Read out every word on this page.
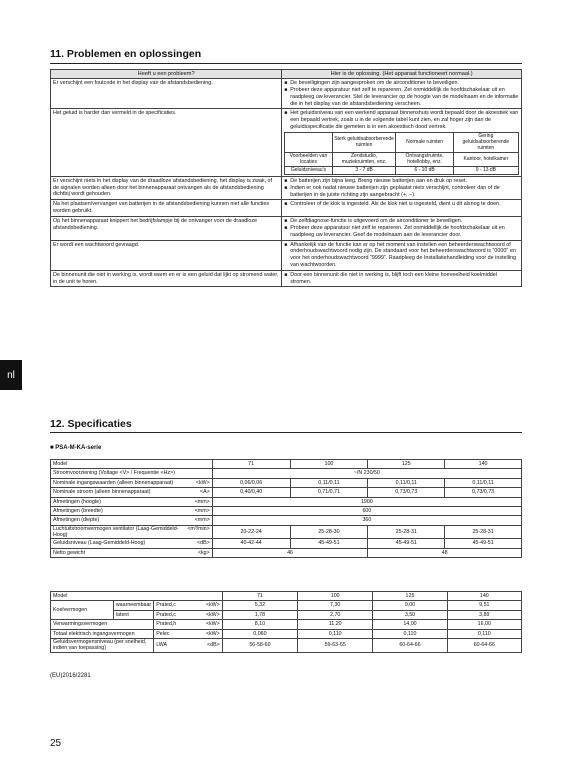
11. Problemen en oplossingen
Heeft u een probleem?	Hier is de oplossing. (Het apparaat functioneert normaal.)
Er verschijnt een foutcode in het display van de afstandsbediening.	■ De beveiligingen zijn aangesproken om de airconditioner te beveiligen.
■ Probeer deze apparatuur niet zelf te repareren. Zet onmiddellijk de hoofdschakelaar uit en raadpleeg uw leverancier. Stel de leverancier op de hoogte van de modelnaam en de informatie die in het display van de afstandsbediening verscheen.

Het geluid is harder dan vermeld in de specificaties.	■ Het geluidsniveau van een werkend apparaat binnenshuis wordt bepaald door de akoestiek van een bepaald vertrek, zoals u in de volgende tabel kunt zien, en zal hoger zijn dan de geluidsspecificatie die gemeten is in een akoestisch dood vertrek.
	Sterk geluidsabsorberende ruimten	Normale ruimten	Gering geluidsabsorberende ruimten
Voorbeelden van locaties	Zendstudio, muziekruimten, enz.	Ontvangstruimte, hotellobby, enz.	Kantoor, hotelkamer
Geluidsniveau's	3 - 7 dB	6 - 10 dB	9 - 13 dB

Er verschijnt niets in het display van de draadloze afstandsbediening, het display is zwak, of de signalen worden alleen door het binnenapparaat ontvangen als de afstandsbediening dichtbij wordt gehouden.	
■ De batterijen zijn bijna leeg. Breng nieuwe batterijen aan en druk op reset.
■ Indien er ook nadat nieuwe batterijen zijn geplaatst niets verschijnt, controleer dan of de batterijen in de juiste richting zijn aangebracht (+, −).

Na het plaatsen/vervangen van batterijen in de afstandsbediening kunnen niet alle functies worden gebruikt.	
■ Controleer of de klok is ingesteld. Als de klok niet is ingesteld, dient u dit alsnog te doen.

Op het binnenapparaat knippert het bedrijfslampje bij de ontvanger voor de draadloze afstandsbediening.	
■ De zelfdiagnose-functie is uitgevoerd om de airconditioner te beveiligen.
■ Probeer deze apparatuur niet zelf te repareren. Zet onmiddellijk de hoofdschakelaar uit en raadpleeg uw leverancier. Geef de modelnaam aan de leverancier door.

Er wordt een wachtwoord gevraagd.	■ Afhankelijk van de functie kan er op het moment van instellen een beheerderswachtwoord of onderhoudswachtwoord nodig zijn. De standaard voor het beheerderswachtwoord is "0000" en voor het onderhoudswachtwoord "9999". Raadpleeg de Installatiehandleiding voor de instelling van wachtwoorden.

De binnenunit die niet in werking is, wordt warm en er is een geluid dat lijkt op stromend water, in de unit te horen.	
■ Door een binnenunit die niet in werking is, blijft toch een kleine hoeveelheid koelmiddel stromen.
nl
12. Specificaties
■ PSA-M-KA-serie
Model	71	100	125	140

Stroomvoorziening (Voltage <V> / Frequentie <Hz>)	~/N 230/50			

Nominale ingangswaarden (alleen binnenapparaat) <kW>	0,06/0,06	0,11/0,11	0,11/0,11	0,11/0,11

Nominale stroom (alleen binnenapparaat) <A>	0,40/0,40	0,71/0,71	0,73/0,73	0,73/0,73

Afmetingen (hoogte) <mm>	1900			

Afmetingen (breedte) <mm>	600			

Afmetingen (diepte) <mm>	360			

Luchtuitstroomvermogen ventilator (Laag-Gemiddeld-Hoog)
<m³/min>	20-22-24	25-28-30	25-28-31	25-28-31

Geluidsniveau (Laag-Gemiddeld-Hoog) <dB>	40-42-44	45-49-51	45-49-51	45-49-51

Netto gewicht <kg>	46		48	
Model			71	100	125	140
Koelvermogen	waarneembaar	Prated,c <kW>	5,32	7,30	9,00	9,51
	latent	Prated,c <kW>	1,78	2,70	3,50	3,89
Verwarmingsvermogen		Prated,h <kW>	8,10	11,20	14,00	16,00
Totaal elektrisch ingangsvermogen		Pelec <kW>	0,060	0,110	0,110	0,110
Geluidsvermogensniveau (per snelheid, indien van toepassing)		LWA <dB>	56-58-60	59-63-65	60-64-66	60-64-66
(EU)2016/2281
25
